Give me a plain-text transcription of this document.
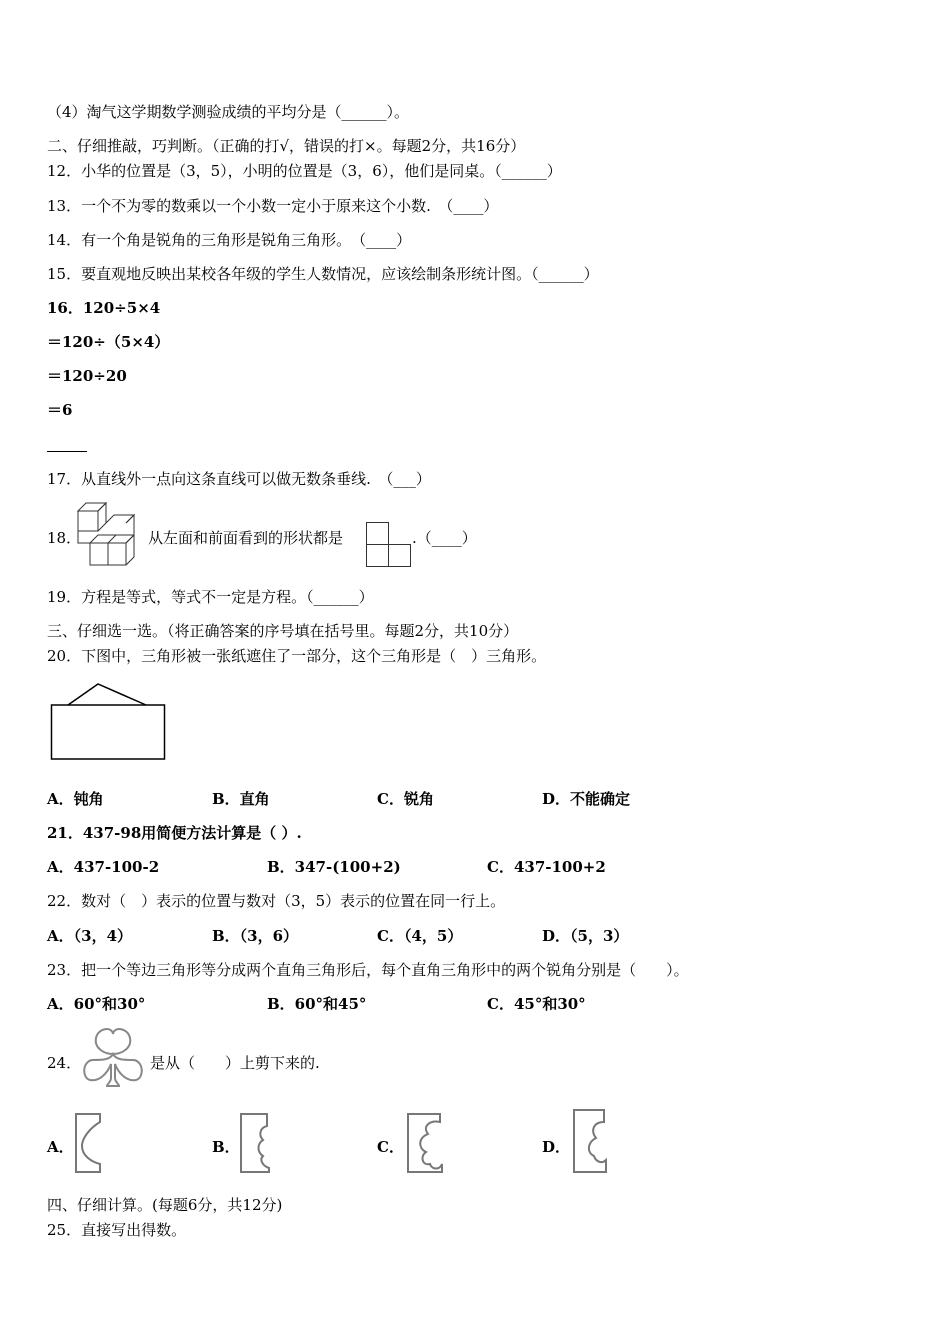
（4）淘气这学期数学测验成绩的平均分是（______）。
二、仔细推敲，巧判断。（正确的打√，错误的打×。每题2分，共16分）
12．小华的位置是（3，5），小明的位置是（3，6），他们是同桌。（______）
13．一个不为零的数乘以一个小数一定小于原来这个小数.　（____）
14．有一个角是锐角的三角形是锐角三角形。　（____）
15．要直观地反映出某校各年级的学生人数情况，应该绘制条形统计图。（______）
16．120÷5×4
＝120÷（5×4）
＝120÷20
＝6
17．从直线外一点向这条直线可以做无数条垂线.　（___）
18．	从左面和前面看到的形状都是	.（____）
19．方程是等式，等式不一定是方程。（______）
三、仔细选一选。（将正确答案的序号填在括号里。每题2分，共10分）
20．下图中，三角形被一张纸遮住了一部分，这个三角形是（　）三角形。
A．钝角	B．直角	C．锐角	D．不能确定
21．437-98用简便方法计算是（ ）.
A．437-100-2	B．347-(100+2)	C．437-100+2
22．数对（　）表示的位置与数对（3，5）表示的位置在同一行上。
A．（3，4）	B．（3，6）	C．（4，5）	D．（5，3）
23．把一个等边三角形等分成两个直角三角形后，每个直角三角形中的两个锐角分别是（　　）。
A．60°和30°	B．60°和45°	C．45°和30°
24．	是从（　　）上剪下来的.
A．	B．	C．	D．
四、仔细计算。(每题6分，共12分)
25．直接写出得数。
